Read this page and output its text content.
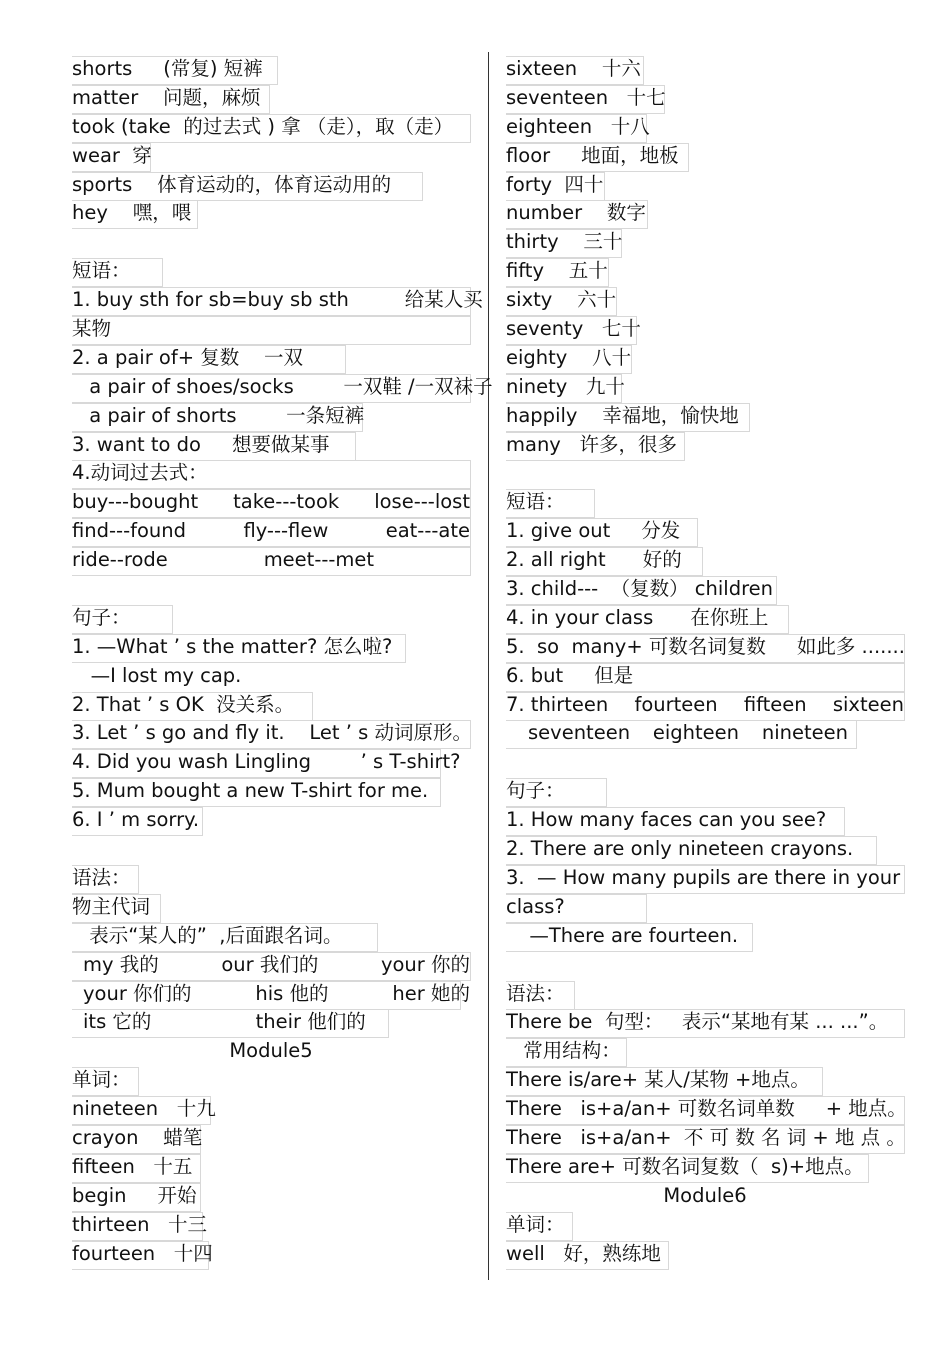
shorts     (常复) 短裤
matter    问题，麻烦
took (take  的过去式 ) 拿 （走），取（走）
wear  穿
sports    体育运动的，体育运动用的
hey    嘿，喂
短语：
1. buy sth for sb=buy sb sth         给某人买
某物
2. a pair of+ 复数    一双
a pair of shoes/socks        一双鞋 /一双袜子
a pair of shorts        一条短裤
3. want to do     想要做某事
4.动词过去式：
buy---bought take---took lose---lost
find---found	fly---flew	eat---ate
ride--rode	meet---met
句子：
1. —What ’ s the matter? 怎么啦?
—I lost my cap.
2. That ’ s OK  没关系。
3. Let ’ s go and fly it.    Let ’ s 动词原形。
4. Did you wash Lingling        ’ s T-shirt?
5. Mum bought a new T-shirt for me.
6. I ’ m sorry.
语法：
物主代词
表示“某人的”  ,后面跟名词。
my 我的	our 我们的	your 你的
your 你们的	his 他的	her 她的
its 它的	their 他们的
Module5
单词：
nineteen   十九
crayon    蜡笔
fifteen   十五
begin     开始
thirteen   十三
fourteen   十四
sixteen    十六
seventeen   十七
eighteen   十八
floor     地面，地板
forty  四十
number    数字
thirty    三十
fifty    五十
sixty    六十
seventy   七十
eighty    八十
ninety   九十
happily    幸福地，愉快地
many   许多，很多
短语：
1. give out     分发
2. all right      好的
3. child---  （复数） children
4. in your class      在你班上
5.  so  many+ 可数名词复数     如此多 .......
6. but     但是
7. thirteen fourteen fifteen sixteen
seventeen eighteen nineteen
句子：
1. How many faces can you see?
2. There are only nineteen crayons.
3.  — How many pupils are there in your
class?
—There are fourteen.
语法：
There be  句型：   表示“某地有某 ... ...”。
常用结构：
There is/are+ 某人/某物 +地点。
There   is+a/an+ 可数名词单数     + 地点。
There   is+a/an+  不 可 数 名 词 + 地 点 。
There are+ 可数名词复数（  s)+地点。
Module6
单词：
well   好，熟练地
